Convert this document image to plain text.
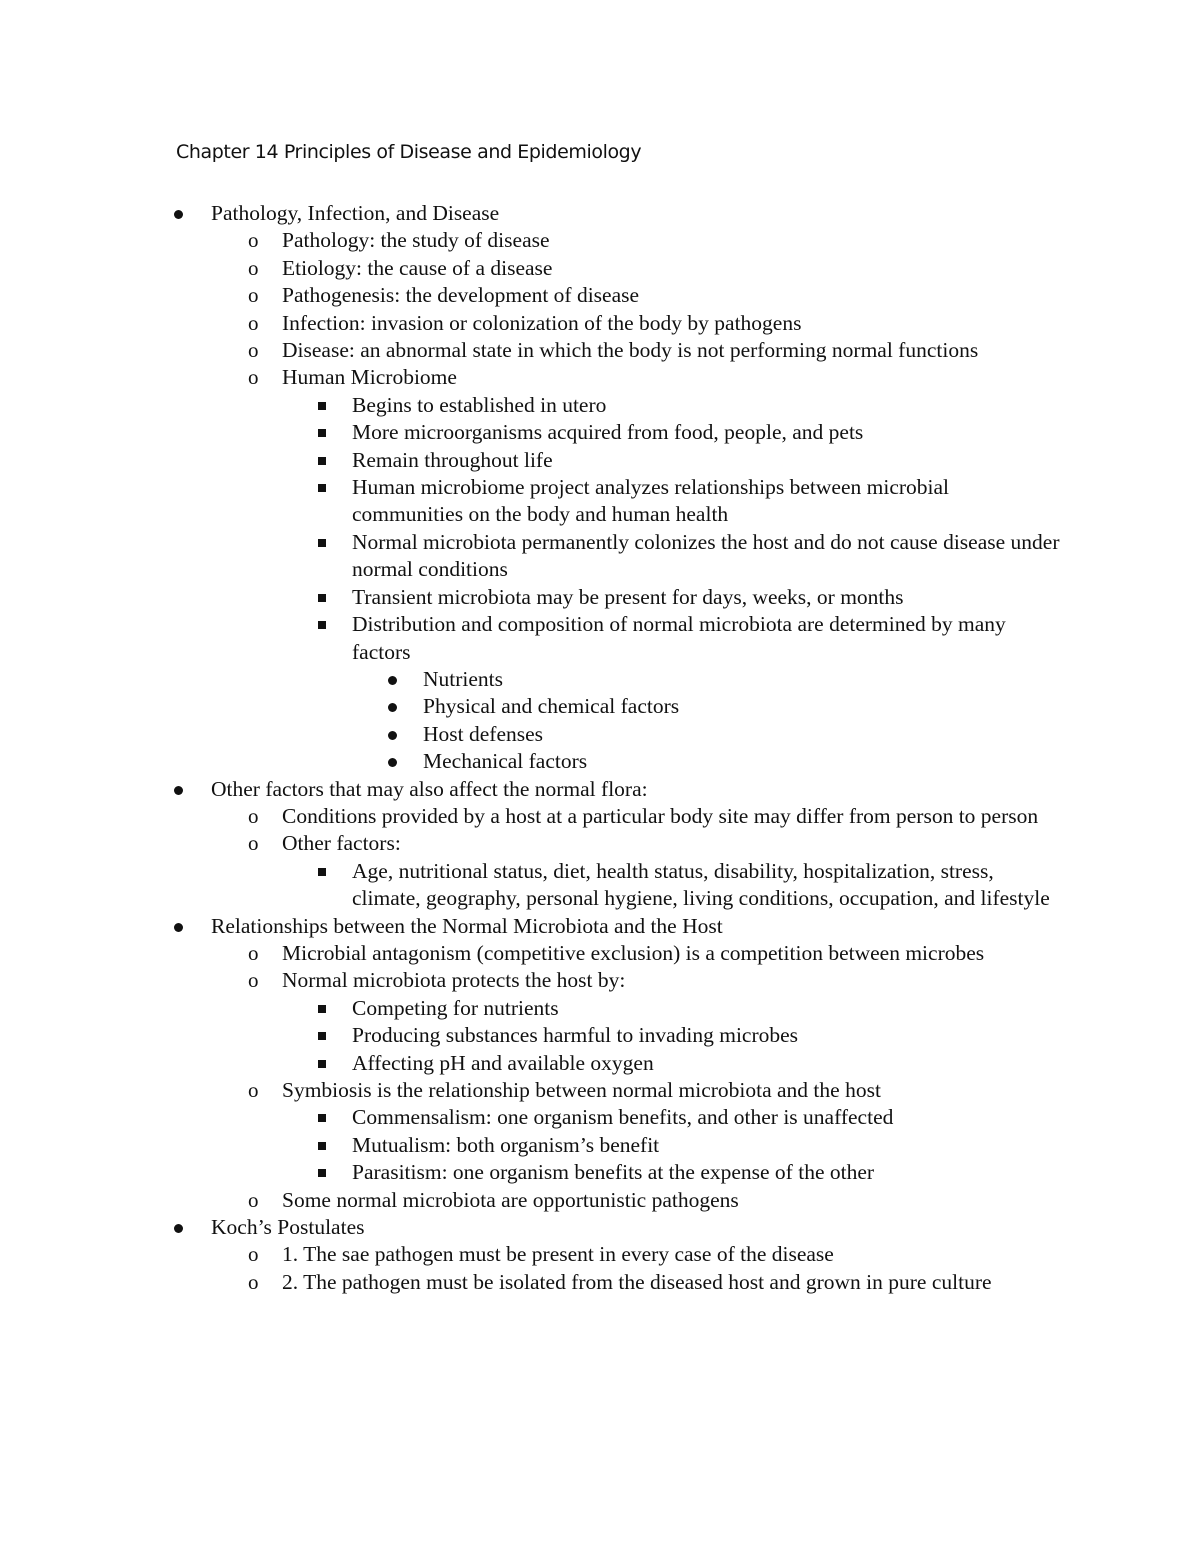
Chapter 14 Principles of Disease and Epidemiology
Pathology, Infection, and Disease
o Pathology: the study of disease
o Etiology: the cause of a disease
o Pathogenesis: the development of disease
o Infection: invasion or colonization of the body by pathogens
o Disease: an abnormal state in which the body is not performing normal functions
o Human Microbiome
Begins to established in utero
More microorganisms acquired from food, people, and pets
Remain throughout life
Human microbiome project analyzes relationships between microbial communities on the body and human health
Normal microbiota permanently colonizes the host and do not cause disease under normal conditions
Transient microbiota may be present for days, weeks, or months
Distribution and composition of normal microbiota are determined by many factors
Nutrients
Physical and chemical factors
Host defenses
Mechanical factors
Other factors that may also affect the normal flora:
o Conditions provided by a host at a particular body site may differ from person to person
o Other factors:
Age, nutritional status, diet, health status, disability, hospitalization, stress, climate, geography, personal hygiene, living conditions, occupation, and lifestyle
Relationships between the Normal Microbiota and the Host
o Microbial antagonism (competitive exclusion) is a competition between microbes
o Normal microbiota protects the host by:
Competing for nutrients
Producing substances harmful to invading microbes
Affecting pH and available oxygen
o Symbiosis is the relationship between normal microbiota and the host
Commensalism: one organism benefits, and other is unaffected
Mutualism: both organism’s benefit
Parasitism: one organism benefits at the expense of the other
o Some normal microbiota are opportunistic pathogens
Koch’s Postulates
o 1. The sae pathogen must be present in every case of the disease
o 2. The pathogen must be isolated from the diseased host and grown in pure culture
